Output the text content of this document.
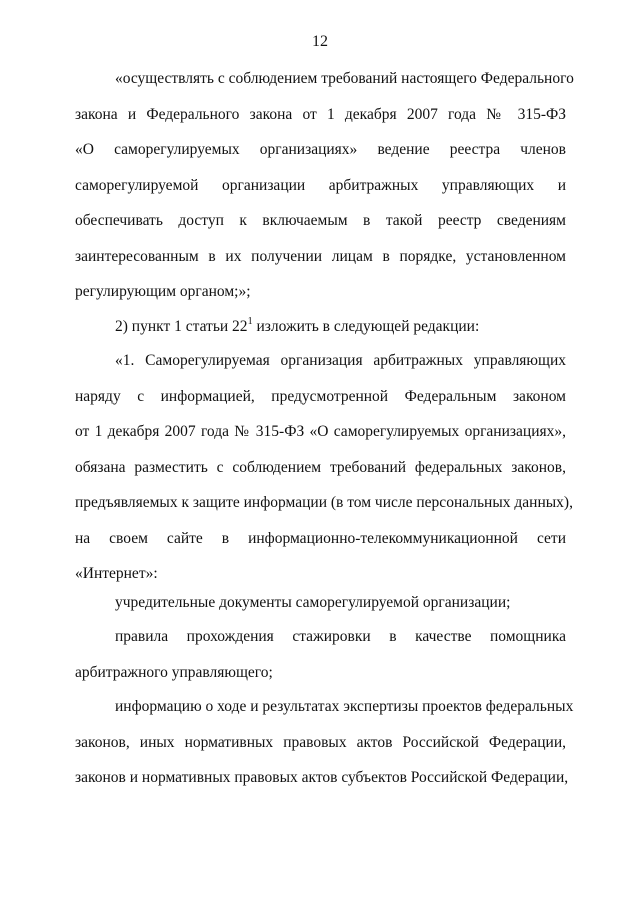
12
«осуществлять с соблюдением требований настоящего Федерального
закона и Федерального закона от 1 декабря 2007 года № 315-ФЗ
«О саморегулируемых организациях» ведение реестра членов
саморегулируемой организации арбитражных управляющих и
обеспечивать доступ к включаемым в такой реестр сведениям
заинтересованным в их получении лицам в порядке, установленном
регулирующим органом;»;
2) пункт 1 статьи $22^1$ изложить в следующей редакции:
«1. Саморегулируемая организация арбитражных управляющих
наряду с информацией, предусмотренной Федеральным законом
от 1 декабря 2007 года № 315-ФЗ «О саморегулируемых организациях»,
обязана разместить с соблюдением требований федеральных законов,
предъявляемых к защите информации (в том числе персональных данных),
на своем сайте в информационно-телекоммуникационной сети
«Интернет»:
учредительные документы саморегулируемой организации;
правила прохождения стажировки в качестве помощника
арбитражного управляющего;
информацию о ходе и результатах экспертизы проектов федеральных
законов, иных нормативных правовых актов Российской Федерации,
законов и нормативных правовых актов субъектов Российской Федерации,
